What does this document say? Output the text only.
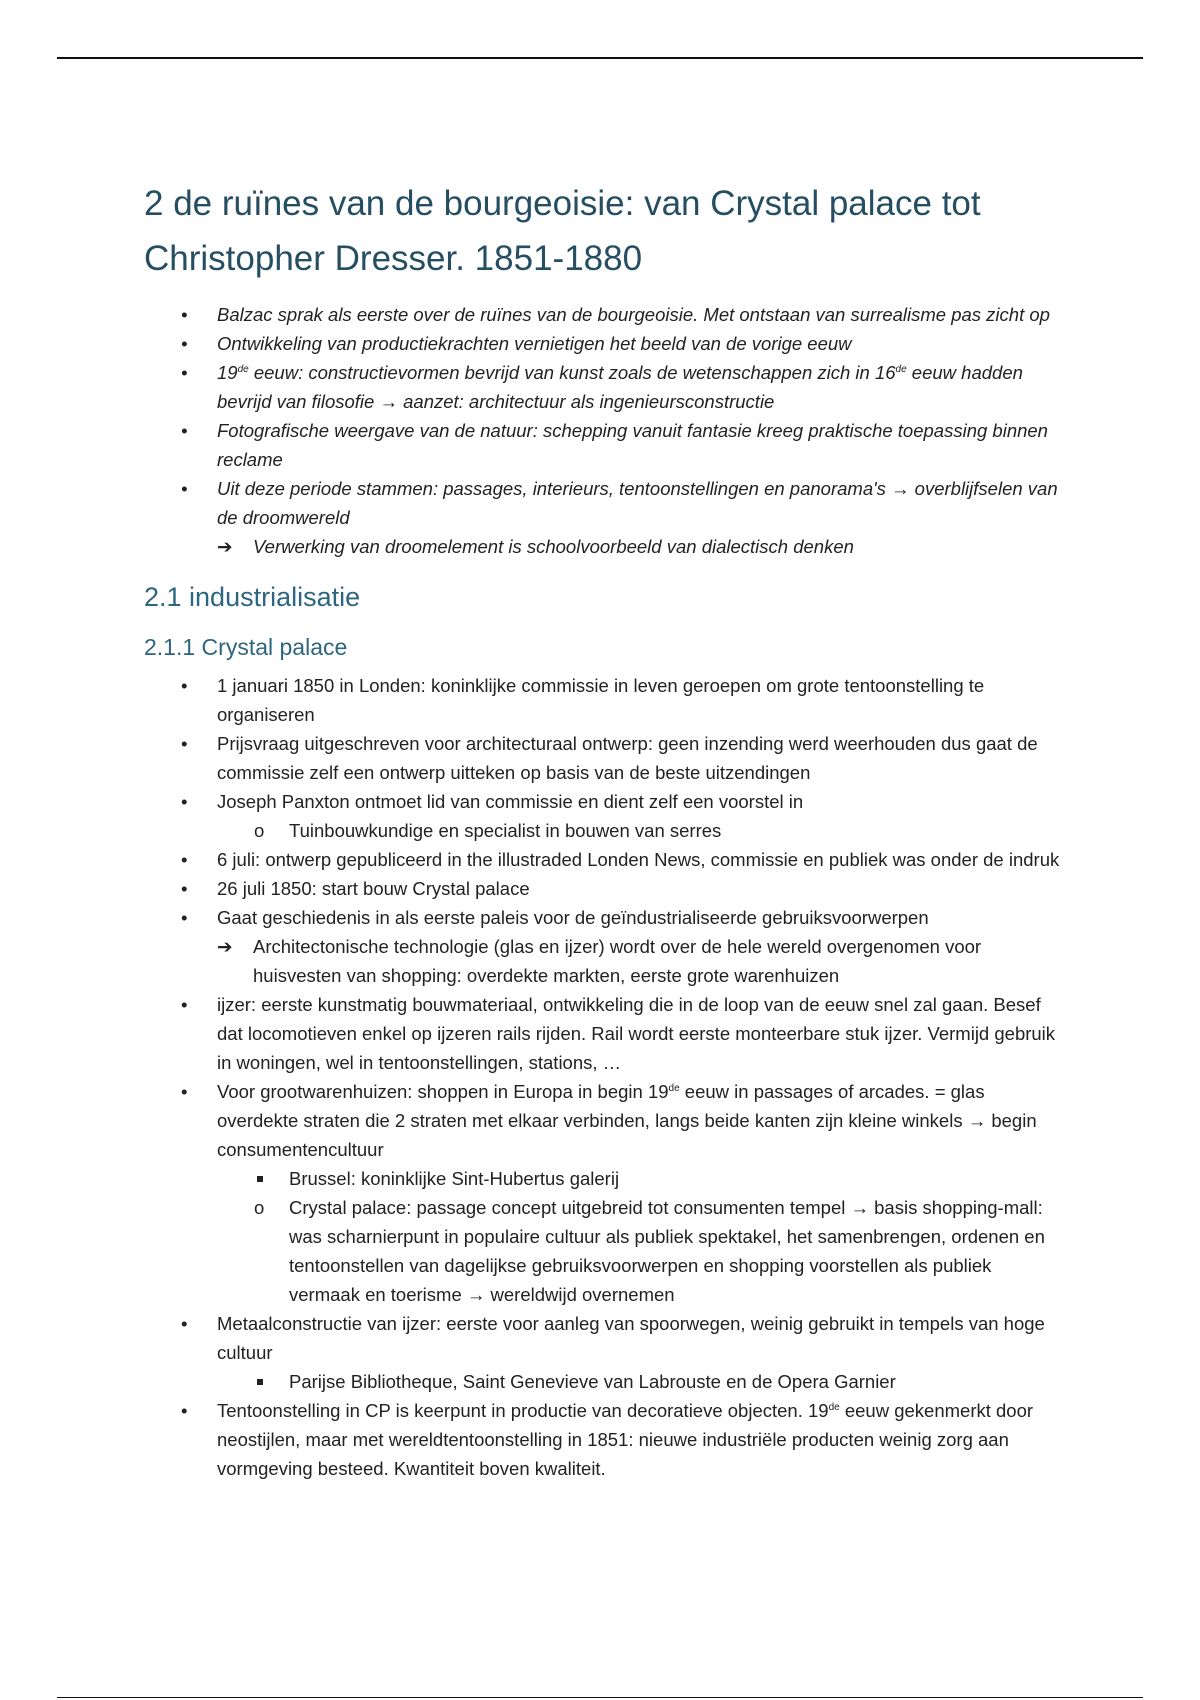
2 de ruïnes van de bourgeoisie: van Crystal palace tot Christopher Dresser. 1851-1880
• Balzac sprak als eerste over de ruïnes van de bourgeoisie. Met ontstaan van surrealisme pas zicht op
• Ontwikkeling van productiekrachten vernietigen het beeld van de vorige eeuw
• 19de eeuw: constructievormen bevrijd van kunst zoals de wetenschappen zich in 16de eeuw hadden bevrijd van filosofie → aanzet: architectuur als ingenieursconstructie
• Fotografische weergave van de natuur: schepping vanuit fantasie kreeg praktische toepassing binnen reclame
• Uit deze periode stammen: passages, interieurs, tentoonstellingen en panorama's → overblijfselen van de droomwereld
➔ Verwerking van droomelement is schoolvoorbeeld van dialectisch denken
2.1 industrialisatie
2.1.1 Crystal palace
• 1 januari 1850 in Londen: koninklijke commissie in leven geroepen om grote tentoonstelling te organiseren
• Prijsvraag uitgeschreven voor architecturaal ontwerp: geen inzending werd weerhouden dus gaat de commissie zelf een ontwerp uitteken op basis van de beste uitzendingen
• Joseph Panxton ontmoet lid van commissie en dient zelf een voorstel in
o Tuinbouwkundige en specialist in bouwen van serres
• 6 juli: ontwerp gepubliceerd in the illustraded Londen News, commissie en publiek was onder de indruk
• 26 juli 1850: start bouw Crystal palace
• Gaat geschiedenis in als eerste paleis voor de geïndustrialiseerde gebruiksvoorwerpen
➔ Architectonische technologie (glas en ijzer) wordt over de hele wereld overgenomen voor huisvesten van shopping: overdekte markten, eerste grote warenhuizen
• ijzer: eerste kunstmatig bouwmateriaal, ontwikkeling die in de loop van de eeuw snel zal gaan. Besef dat locomotieven enkel op ijzeren rails rijden. Rail wordt eerste monteerbare stuk ijzer. Vermijd gebruik in woningen, wel in tentoonstellingen, stations, …
• Voor grootwarenhuizen: shoppen in Europa in begin 19de eeuw in passages of arcades. = glas overdekte straten die 2 straten met elkaar verbinden, langs beide kanten zijn kleine winkels → begin consumentencultuur
Brussel: koninklijke Sint-Hubertus galerij
o Crystal palace: passage concept uitgebreid tot consumenten tempel → basis shopping-mall: was scharnierpunt in populaire cultuur als publiek spektakel, het samenbrengen, ordenen en tentoonstellen van dagelijkse gebruiksvoorwerpen en shopping voorstellen als publiek vermaak en toerisme → wereldwijd overnemen
• Metaalconstructie van ijzer: eerste voor aanleg van spoorwegen, weinig gebruikt in tempels van hoge cultuur
Parijse Bibliotheque, Saint Genevieve van Labrouste en de Opera Garnier
• Tentoonstelling in CP is keerpunt in productie van decoratieve objecten. 19de eeuw gekenmerkt door neostijlen, maar met wereldtentoonstelling in 1851: nieuwe industriële producten weinig zorg aan vormgeving besteed. Kwantiteit boven kwaliteit.
